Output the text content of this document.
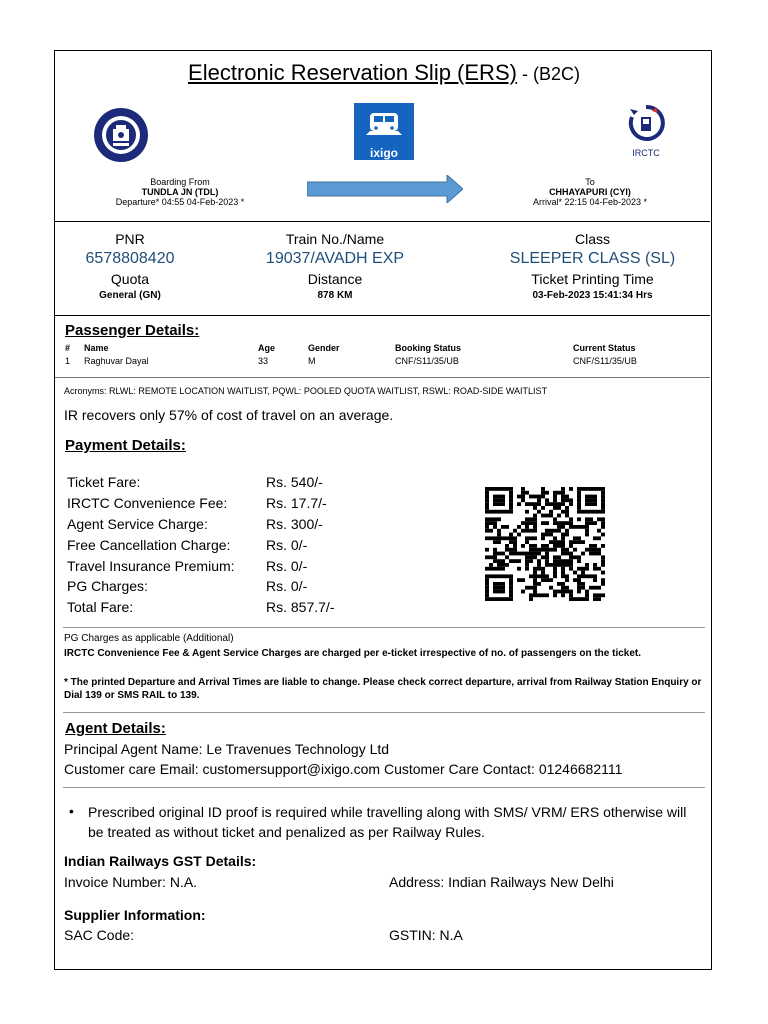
Electronic Reservation Slip (ERS) - (B2C)
ixigo	IRCTC
Boarding From
TUNDLA JN (TDL)
Departure* 04:55 04-Feb-2023 *
To
CHHAYAPURI (CYI)
Arrival* 22:15 04-Feb-2023 *
PNR
6578808420
Quota
General (GN)
Train No./Name
19037/AVADH EXP
Distance
878 KM
Class
SLEEPER CLASS (SL)
Ticket Printing Time
03-Feb-2023 15:41:34 Hrs
Passenger Details:
# Name	Age	Gender	Booking Status	Current Status
1 Raghuvar Dayal	33	M	CNF/S11/35/UB	CNF/S11/35/UB
Acronyms: RLWL: REMOTE LOCATION WAITLIST, PQWL: POOLED QUOTA WAITLIST, RSWL: ROAD-SIDE WAITLIST
IR recovers only 57% of cost of travel on an average.
Payment Details:
Ticket Fare:	Rs. 540/-
IRCTC Convenience Fee:	Rs. 17.7/-
Agent Service Charge:	Rs. 300/-
Free Cancellation Charge:	Rs. 0/-
Travel Insurance Premium: Rs. 0/-
PG Charges:	Rs. 0/-
Total Fare:	Rs. 857.7/-
PG Charges as applicable (Additional)
IRCTC Convenience Fee & Agent Service Charges are charged per e-ticket irrespective of no. of passengers on the ticket.
* The printed Departure and Arrival Times are liable to change. Please check correct departure, arrival from Railway Station Enquiry or Dial 139 or SMS RAIL to 139.
Agent Details:
Principal Agent Name: Le Travenues Technology Ltd
Customer care Email: customersupport@ixigo.com Customer Care Contact: 01246682111
• Prescribed original ID proof is required while travelling along with SMS/ VRM/ ERS otherwise will be treated as without ticket and penalized as per Railway Rules.
Indian Railways GST Details:
Invoice Number: N.A.	Address: Indian Railways New Delhi
Supplier Information:
SAC Code:	GSTIN: N.A
